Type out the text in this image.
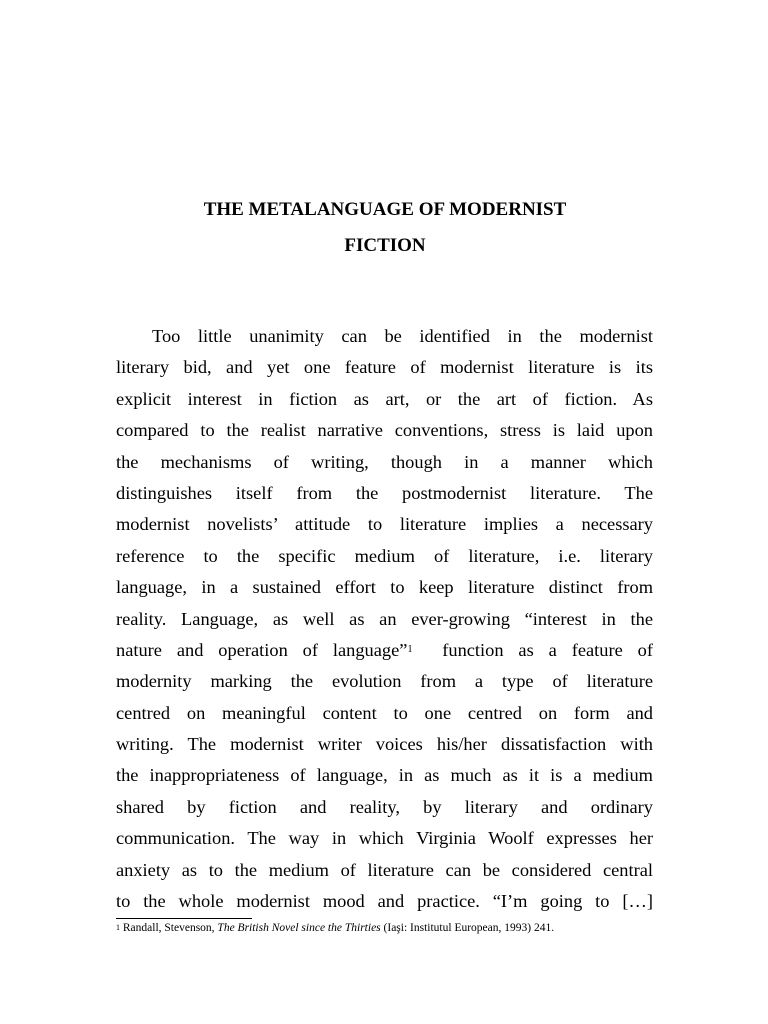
THE METALANGUAGE OF MODERNIST
FICTION
Too little unanimity can be identified in the modernist
literary bid, and yet one feature of modernist literature is its
explicit interest in fiction as art, or the art of fiction. As
compared to the realist narrative conventions, stress is laid upon
the mechanisms of writing, though in a manner which
distinguishes itself from the postmodernist literature. The
modernist novelists’ attitude to literature implies a necessary
reference to the specific medium of literature, i.e. literary
language, in a sustained effort to keep literature distinct from
reality. Language, as well as an ever-growing “interest in the
nature and operation of language”$^1$  function as a feature of
modernity marking the evolution from a type of literature
centred on meaningful content to one centred on form and
writing. The modernist writer voices his/her dissatisfaction with
the inappropriateness of language, in as much as it is a medium
shared by fiction and reality, by literary and ordinary
communication. The way in which Virginia Woolf expresses her
anxiety as to the medium of literature can be considered central
to the whole modernist mood and practice. “I’m going to […]

$^1$ Randall, Stevenson, The British Novel since the Thirties (Iaşi: Institutul European, 1993) 241.
